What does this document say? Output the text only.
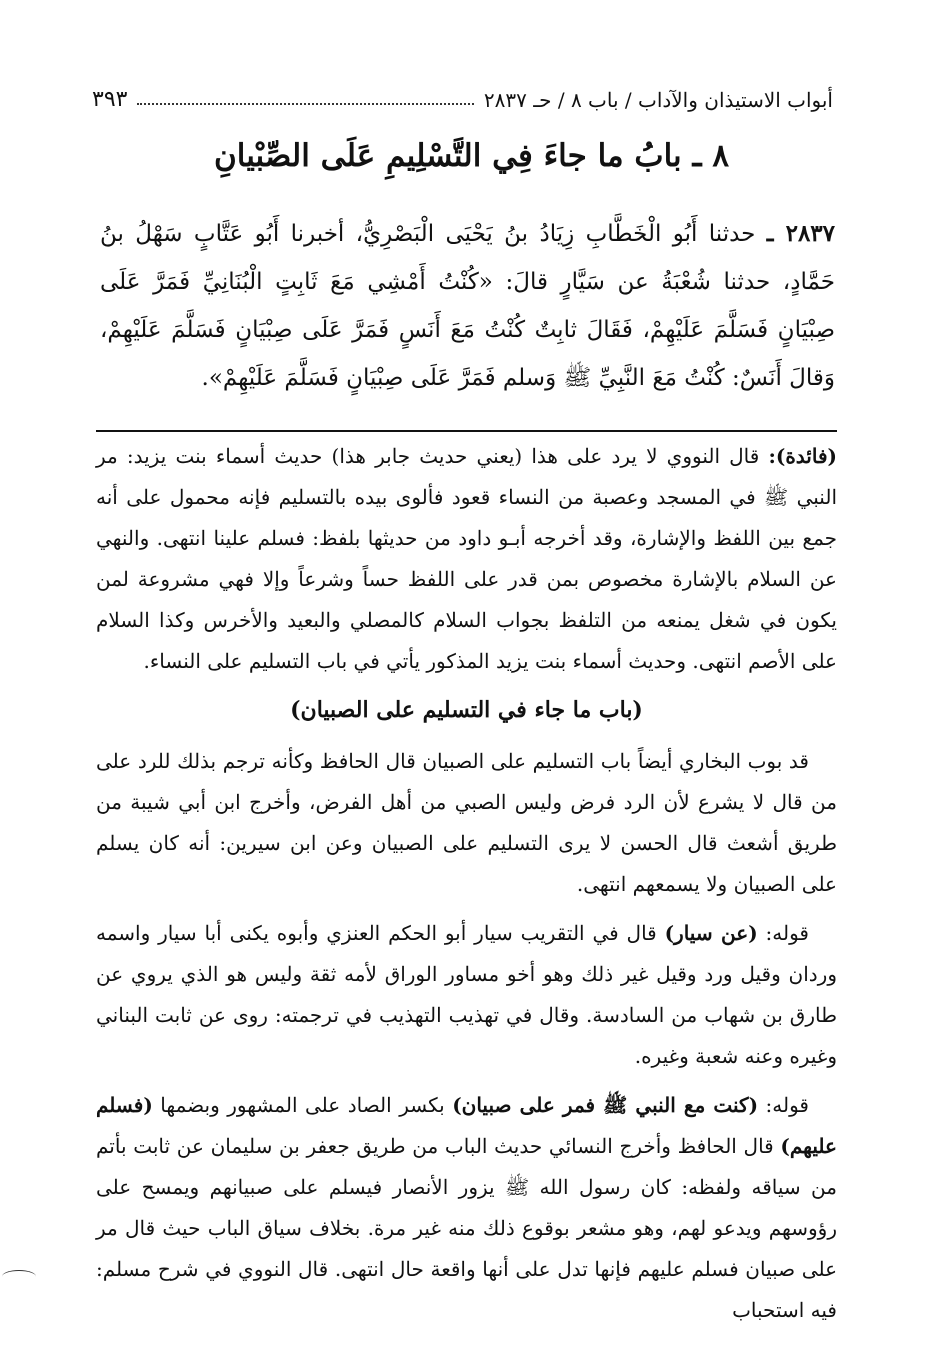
أبواب الاستيذان والآداب / باب ٨ / حـ ٢٨٣٧
٣٩٣
٨ ـ بابُ ما جاءَ فِي التَّسْلِيمِ عَلَى الصِّبْيانِ

٢٨٣٧ ـ حدثنا أَبُو الْخَطَّابِ زِيَادُ بنُ يَحْيَى الْبَصْرِيُّ، أخبرنا أَبُو عَتَّابٍ سَهْلُ بنُ حَمَّادٍ، حدثنا شُعْبَةُ عن سَيَّارٍ قالَ: «كُنْتُ أَمْشِي مَعَ ثَابِتٍ الْبُنَانِيِّ فَمَرَّ عَلَى صِبْيَانٍ فَسَلَّمَ عَلَيْهِمْ، فَقَالَ ثابِتٌ كُنْتُ مَعَ أَنَسٍ فَمَرَّ عَلَى صِبْيَانٍ فَسَلَّمَ عَلَيْهِمْ، وَقالَ أَنَسٌ: كُنْتُ مَعَ النَّبِيِّ ﷺ وَسلم فَمَرَّ عَلَى صِبْيَانٍ فَسَلَّمَ عَلَيْهِمْ».

(فائدة): قال النووي لا يرد على هذا (يعني حديث جابر هذا) حديث أسماء بنت يزيد: مر النبي ﷺ في المسجد وعصبة من النساء قعود فألوى بيده بالتسليم فإنه محمول على أنه جمع بين اللفظ والإشارة، وقد أخرجه أبـو داود من حديثها بلفظ: فسلم علينا انتهى. والنهي عن السلام بالإشارة مخصوص بمن قدر على اللفظ حساً وشرعاً وإلا فهي مشروعة لمن يكون في شغل يمنعه من التلفظ بجواب السلام كالمصلي والبعيد والأخرس وكذا السلام على الأصم انتهى. وحديث أسماء بنت يزيد المذكور يأتي في باب التسليم على النساء.

(باب ما جاء في التسليم على الصبيان)

قد بوب البخاري أيضاً باب التسليم على الصبيان قال الحافظ وكأنه ترجم بذلك للرد على من قال لا يشرع لأن الرد فرض وليس الصبي من أهل الفرض، وأخرج ابن أبي شيبة من طريق أشعث قال الحسن لا يرى التسليم على الصبيان وعن ابن سيرين: أنه كان يسلم على الصبيان ولا يسمعهم انتهى.

قوله: (عن سيار) قال في التقريب سيار أبو الحكم العنزي وأبوه يكنى أبا سيار واسمه وردان وقيل ورد وقيل غير ذلك وهو أخو مساور الوراق لأمه ثقة وليس هو الذي يروي عن طارق بن شهاب من السادسة. وقال في تهذيب التهذيب في ترجمته: روى عن ثابت البناني وغيره وعنه شعبة وغيره.

قوله: (كنت مع النبي ﷺ فمر على صبيان) بكسر الصاد على المشهور وبضمها (فسلم عليهم) قال الحافظ وأخرج النسائي حديث الباب من طريق جعفر بن سليمان عن ثابت بأتم من سياقه ولفظه: كان رسول الله ﷺ يزور الأنصار فيسلم على صبيانهم ويمسح على رؤوسهم ويدعو لهم، وهو مشعر بوقوع ذلك منه غير مرة. بخلاف سياق الباب حيث قال مر على صبيان فسلم عليهم فإنها تدل على أنها واقعة حال انتهى. قال النووي في شرح مسلم: فيه استحباب
